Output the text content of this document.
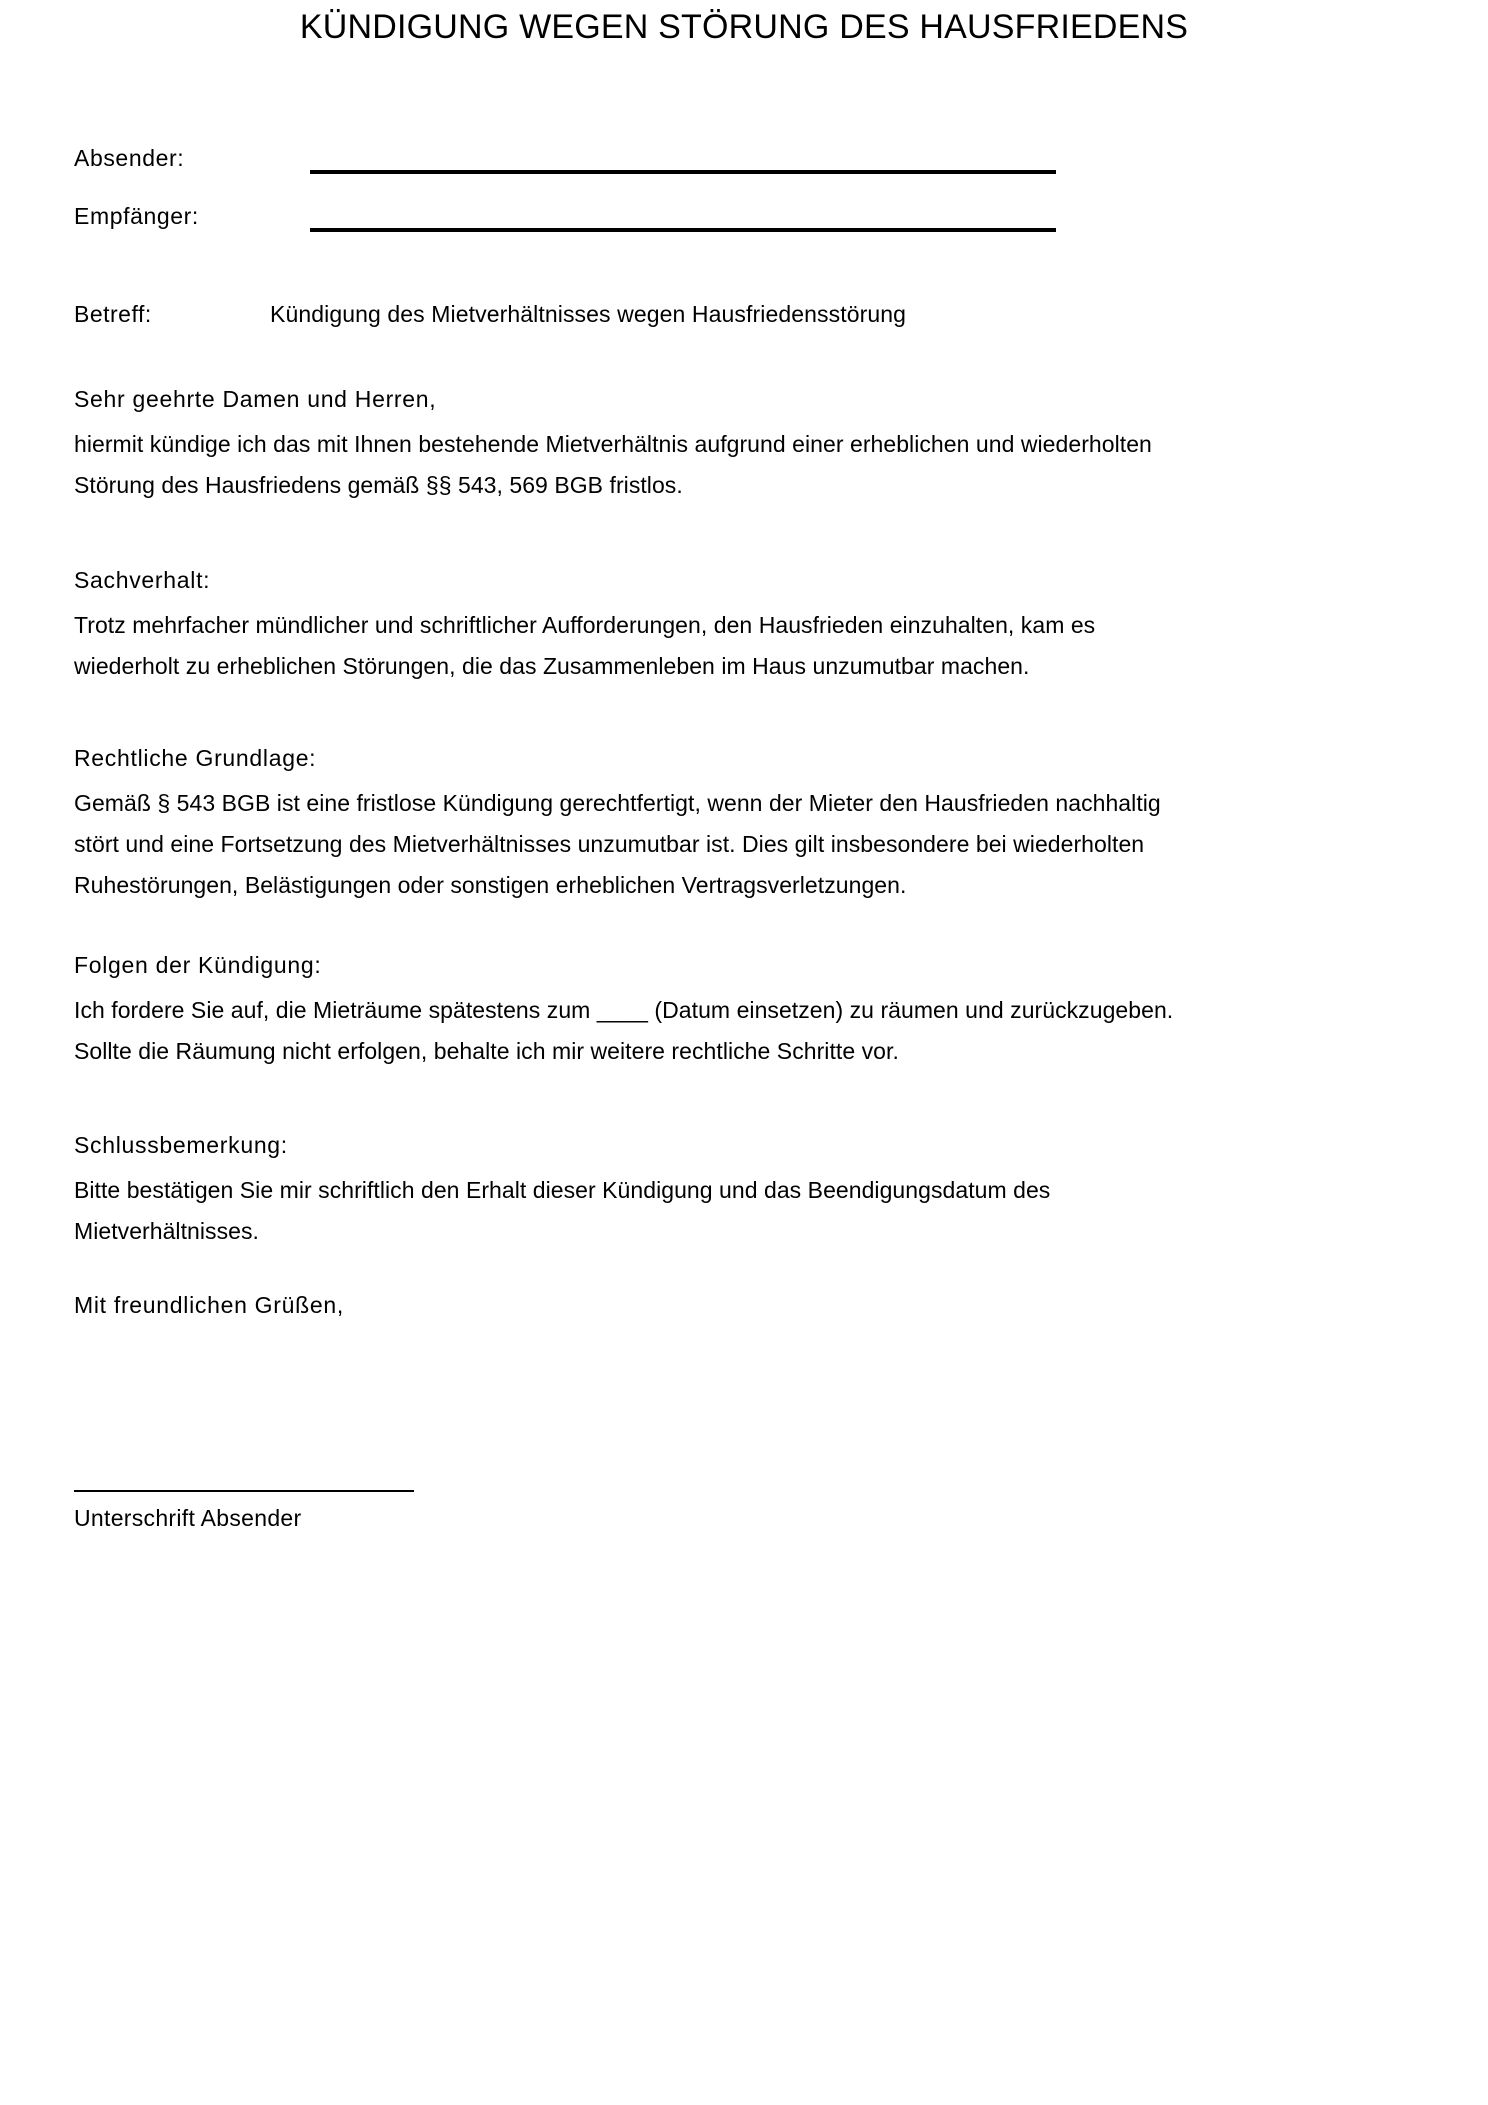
KÜNDIGUNG WEGEN STÖRUNG DES HAUSFRIEDENS
Absender:
Empfänger:
Betreff:	Kündigung des Mietverhältnisses wegen Hausfriedensstörung
Sehr geehrte Damen und Herren,

hiermit kündige ich das mit Ihnen bestehende Mietverhältnis aufgrund einer erheblichen und wiederholten
Störung des Hausfriedens gemäß §§ 543, 569 BGB fristlos.

Sachverhalt:

Trotz mehrfacher mündlicher und schriftlicher Aufforderungen, den Hausfrieden einzuhalten, kam es
wiederholt zu erheblichen Störungen, die das Zusammenleben im Haus unzumutbar machen.

Rechtliche Grundlage:

Gemäß § 543 BGB ist eine fristlose Kündigung gerechtfertigt, wenn der Mieter den Hausfrieden nachhaltig
stört und eine Fortsetzung des Mietverhältnisses unzumutbar ist. Dies gilt insbesondere bei wiederholten
Ruhestörungen, Belästigungen oder sonstigen erheblichen Vertragsverletzungen.

Folgen der Kündigung:

Ich fordere Sie auf, die Mieträume spätestens zum ____ (Datum einsetzen) zu räumen und zurückzugeben.
Sollte die Räumung nicht erfolgen, behalte ich mir weitere rechtliche Schritte vor.

Schlussbemerkung:

Bitte bestätigen Sie mir schriftlich den Erhalt dieser Kündigung und das Beendigungsdatum des
Mietverhältnisses.

Mit freundlichen Grüßen,
Unterschrift Absender
